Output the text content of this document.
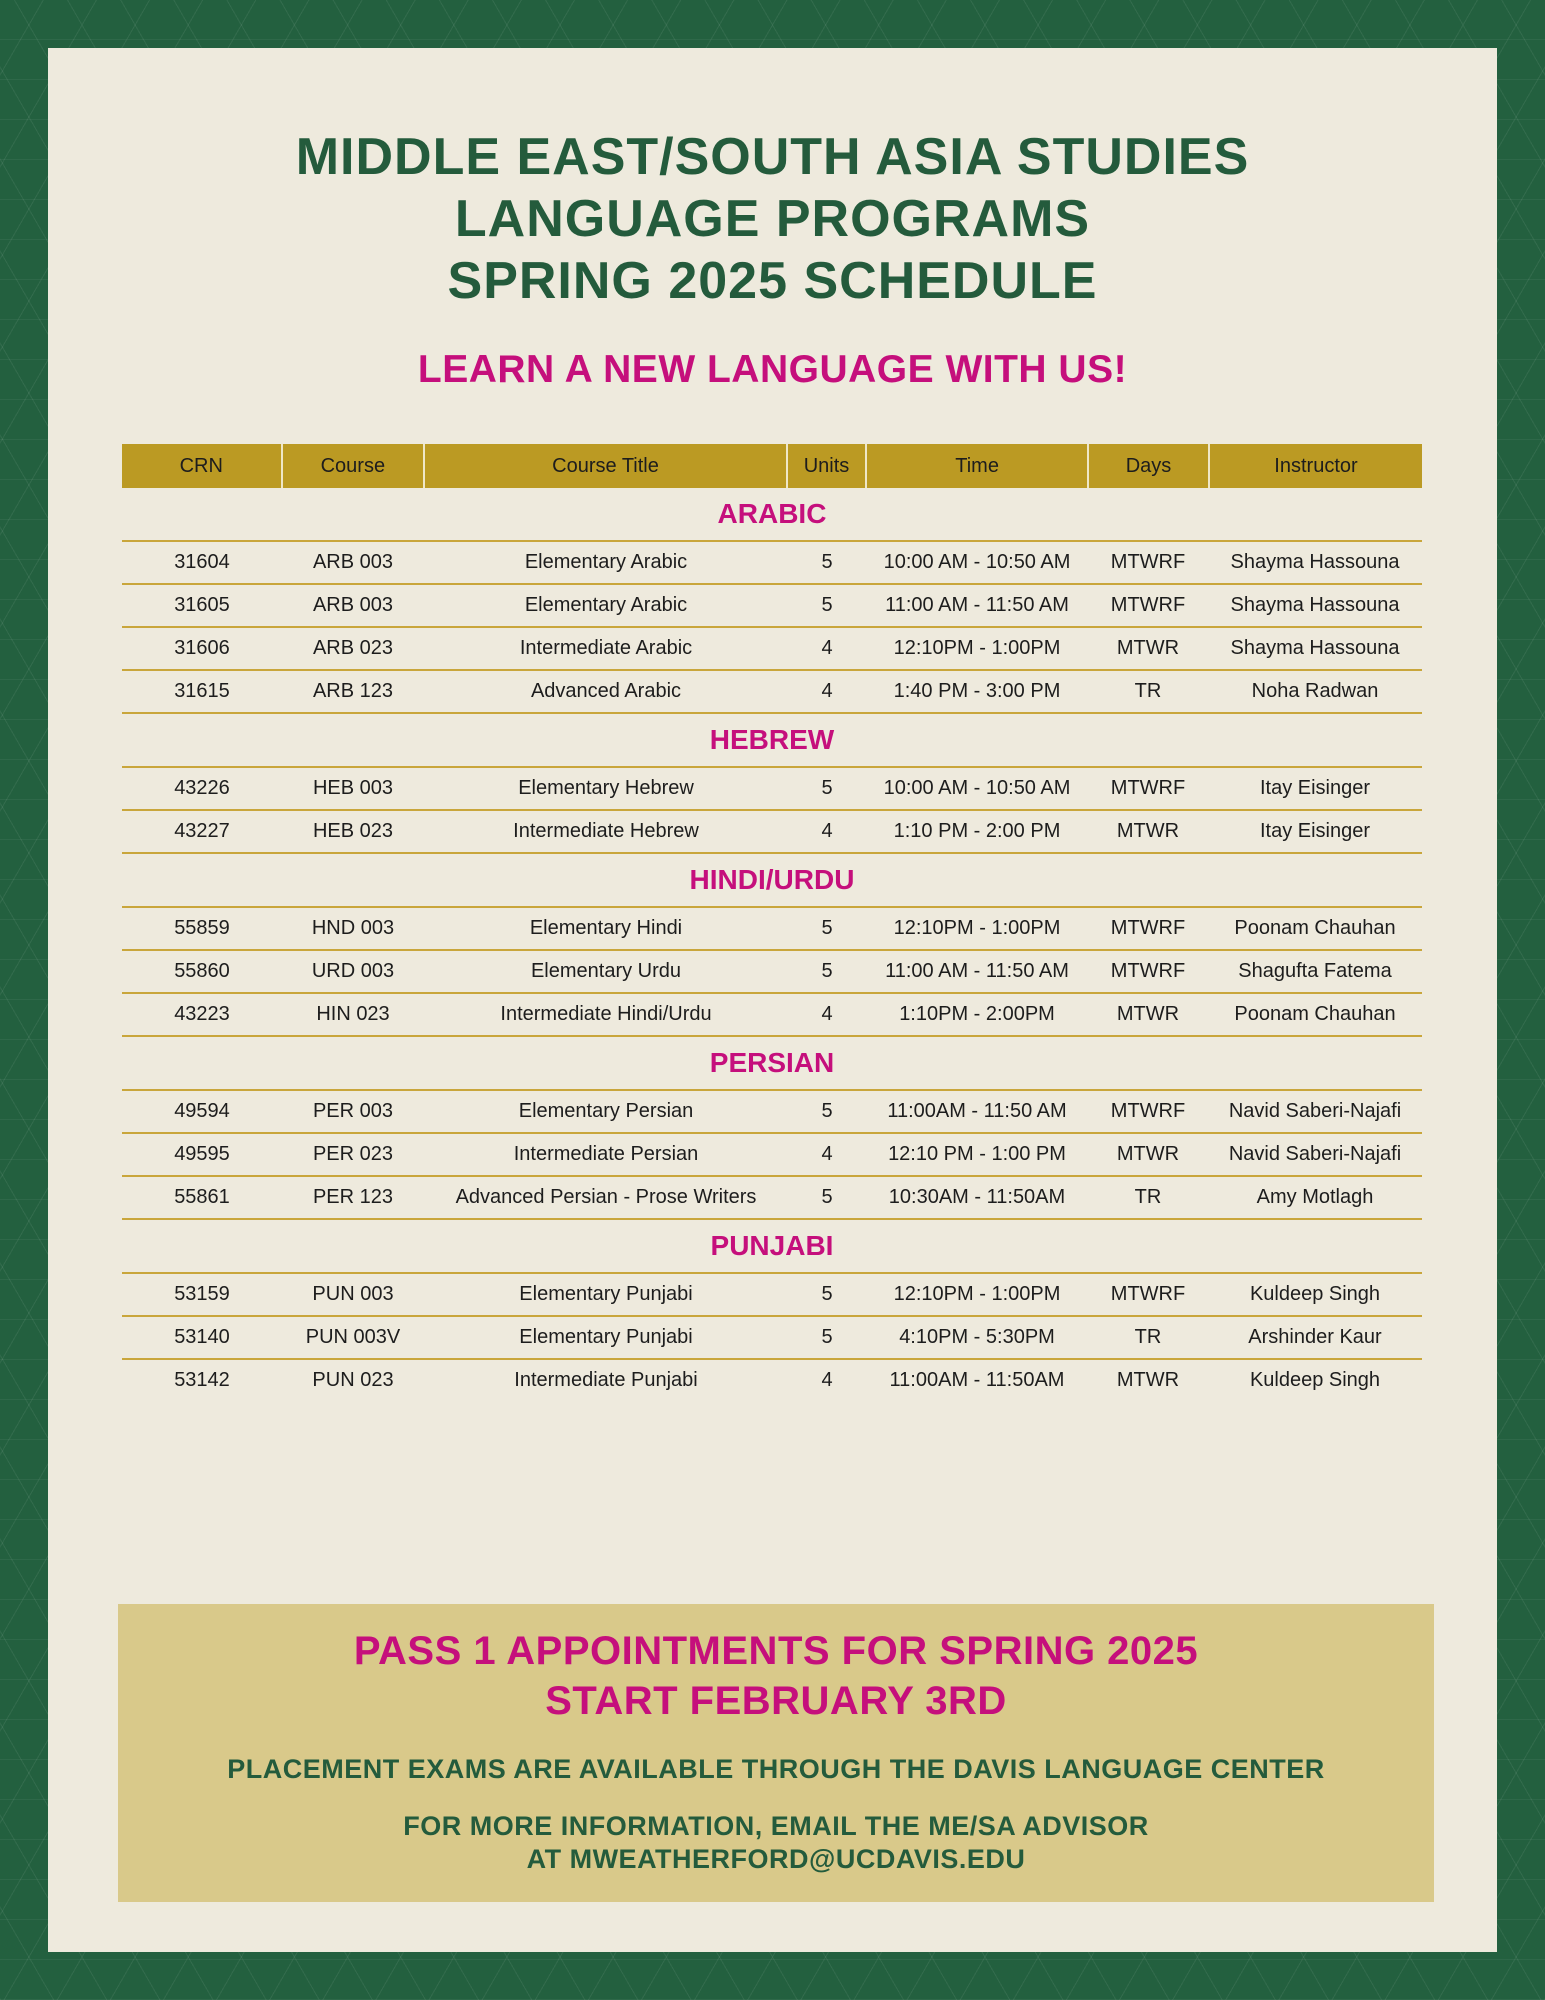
MIDDLE EAST/SOUTH ASIA STUDIES
LANGUAGE PROGRAMS
SPRING 2025 SCHEDULE
LEARN A NEW LANGUAGE WITH US!
CRN	Course	Course Title	Units	Time	Days	Instructor
ARABIC
31604	ARB 003	Elementary Arabic	5	10:00 AM - 10:50 AM	MTWRF	Shayma Hassouna
31605	ARB 003	Elementary Arabic	5	11:00 AM - 11:50 AM	MTWRF	Shayma Hassouna
31606	ARB 023	Intermediate Arabic	4	12:10PM - 1:00PM	MTWR	Shayma Hassouna
31615	ARB 123	Advanced Arabic	4	1:40 PM - 3:00 PM	TR	Noha Radwan
HEBREW
43226	HEB 003	Elementary Hebrew	5	10:00 AM - 10:50 AM	MTWRF	Itay Eisinger
43227	HEB 023	Intermediate Hebrew	4	1:10 PM - 2:00 PM	MTWR	Itay Eisinger
HINDI/URDU
55859	HND 003	Elementary Hindi	5	12:10PM - 1:00PM	MTWRF	Poonam Chauhan
55860	URD 003	Elementary Urdu	5	11:00 AM - 11:50 AM	MTWRF	Shagufta Fatema
43223	HIN 023	Intermediate Hindi/Urdu	4	1:10PM - 2:00PM	MTWR	Poonam Chauhan
PERSIAN
49594	PER 003	Elementary Persian	5	11:00AM - 11:50 AM	MTWRF	Navid Saberi-Najafi
49595	PER 023	Intermediate Persian	4	12:10 PM - 1:00 PM	MTWR	Navid Saberi-Najafi
55861	PER 123	Advanced Persian - Prose Writers	5	10:30AM - 11:50AM	TR	Amy Motlagh
PUNJABI
53159	PUN 003	Elementary Punjabi	5	12:10PM - 1:00PM	MTWRF	Kuldeep Singh
53140	PUN 003V	Elementary Punjabi	5	4:10PM - 5:30PM	TR	Arshinder Kaur
53142	PUN 023	Intermediate Punjabi	4	11:00AM - 11:50AM	MTWR	Kuldeep Singh
PASS 1 APPOINTMENTS FOR SPRING 2025
START FEBRUARY 3RD
PLACEMENT EXAMS ARE AVAILABLE THROUGH THE DAVIS LANGUAGE CENTER
FOR MORE INFORMATION, EMAIL THE ME/SA ADVISOR
AT MWEATHERFORD@UCDAVIS.EDU
